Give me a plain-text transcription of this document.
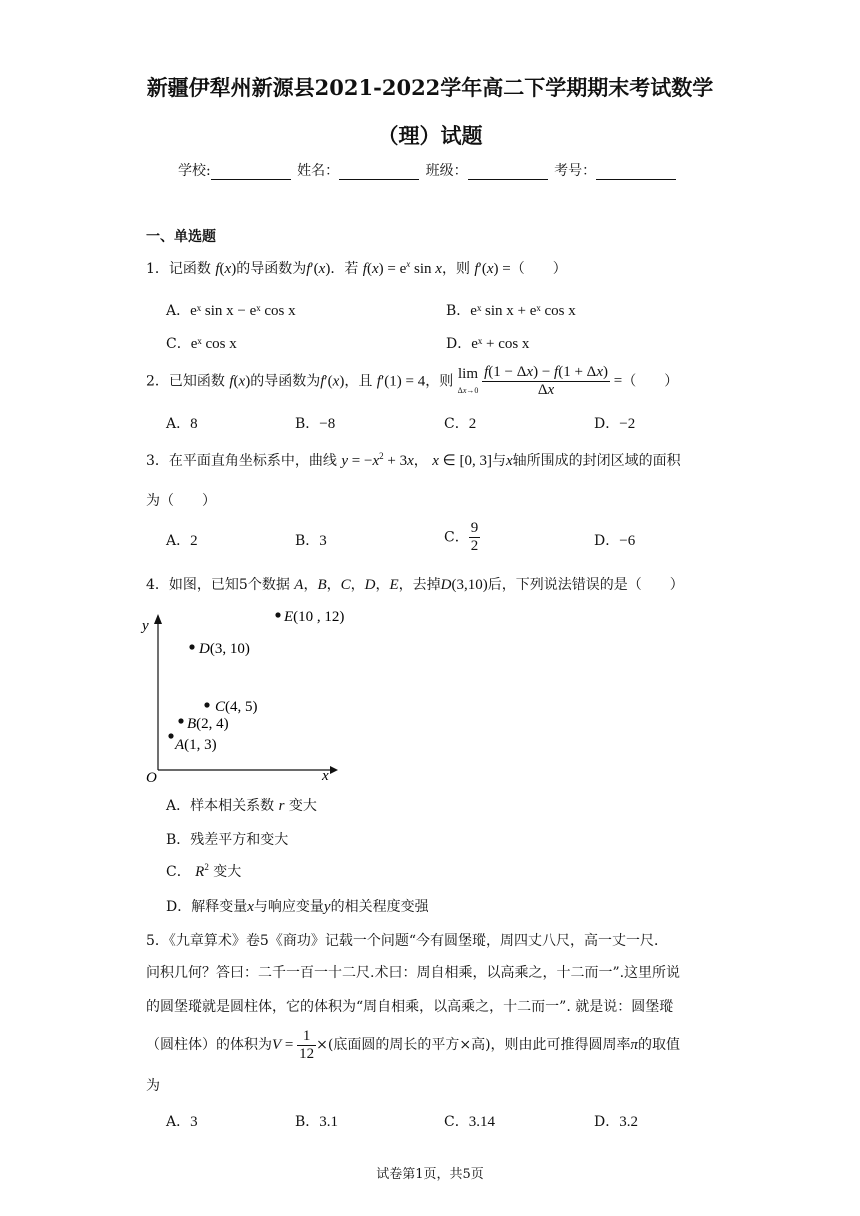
新疆伊犁州新源县2021-2022学年高二下学期期末考试数学
（理）试题
学校:	姓名：	班级：	考号：
一、单选题
1．记函数 f(x)的导函数为f′(x)．若 $f(x) = e^x$ sin x，则 f′(x) =（　　）
A．eˣ sin x − eˣ cos x	B．eˣ sin x + eˣ cos x
C．eˣ cos x	D．eˣ + cos x
2．已知函数 f(x)的导函数为f′(x)，且 f′(1) = 4，则 lim
$\Delta x\to 0 \frac{f(1 - \Delta x) - f(1 + \Delta x)}{\Delta x}$ =（　　）
A．8	B．−8	C．2	D．−2
3．在平面直角坐标系中，曲线 $y = -x^2 + 3x$， x ∈ [0, 3]与x轴所围成的封闭区域的面积
为（　　）
A．2	B．3	C． $\frac{9}{2}$	D．−6
4．如图，已知5个数据 A，B，C，D，E，去掉D(3,10)后，下列说法错误的是（　　）
y
x
O
A(1, 3)
B(2, 4)
C(4, 5)
D(3, 10)
E(10 , 12)
A．样本相关系数 r 变大
B．残差平方和变大
C． $R^2$ 变大
D．解释变量x与响应变量y的相关程度变强
5．《九章算术》卷5《商功》记载一个问题“今有圆堡瑽，周四丈八尺，高一丈一尺．
问积几何？答曰：二千一百一十二尺.术曰：周自相乘，以高乘之，十二而一”.这里所说
的圆堡瑽就是圆柱体，它的体积为“周自相乘，以高乘之，十二而一”. 就是说：圆堡瑽
（圆柱体）的体积为$V = \frac{1}{12}$ ×(底面圆的周长的平方×高)，则由此可推得圆周率π的取值
为
A．3	B．3.1	C．3.14	D．3.2
试卷第1页，共5页
